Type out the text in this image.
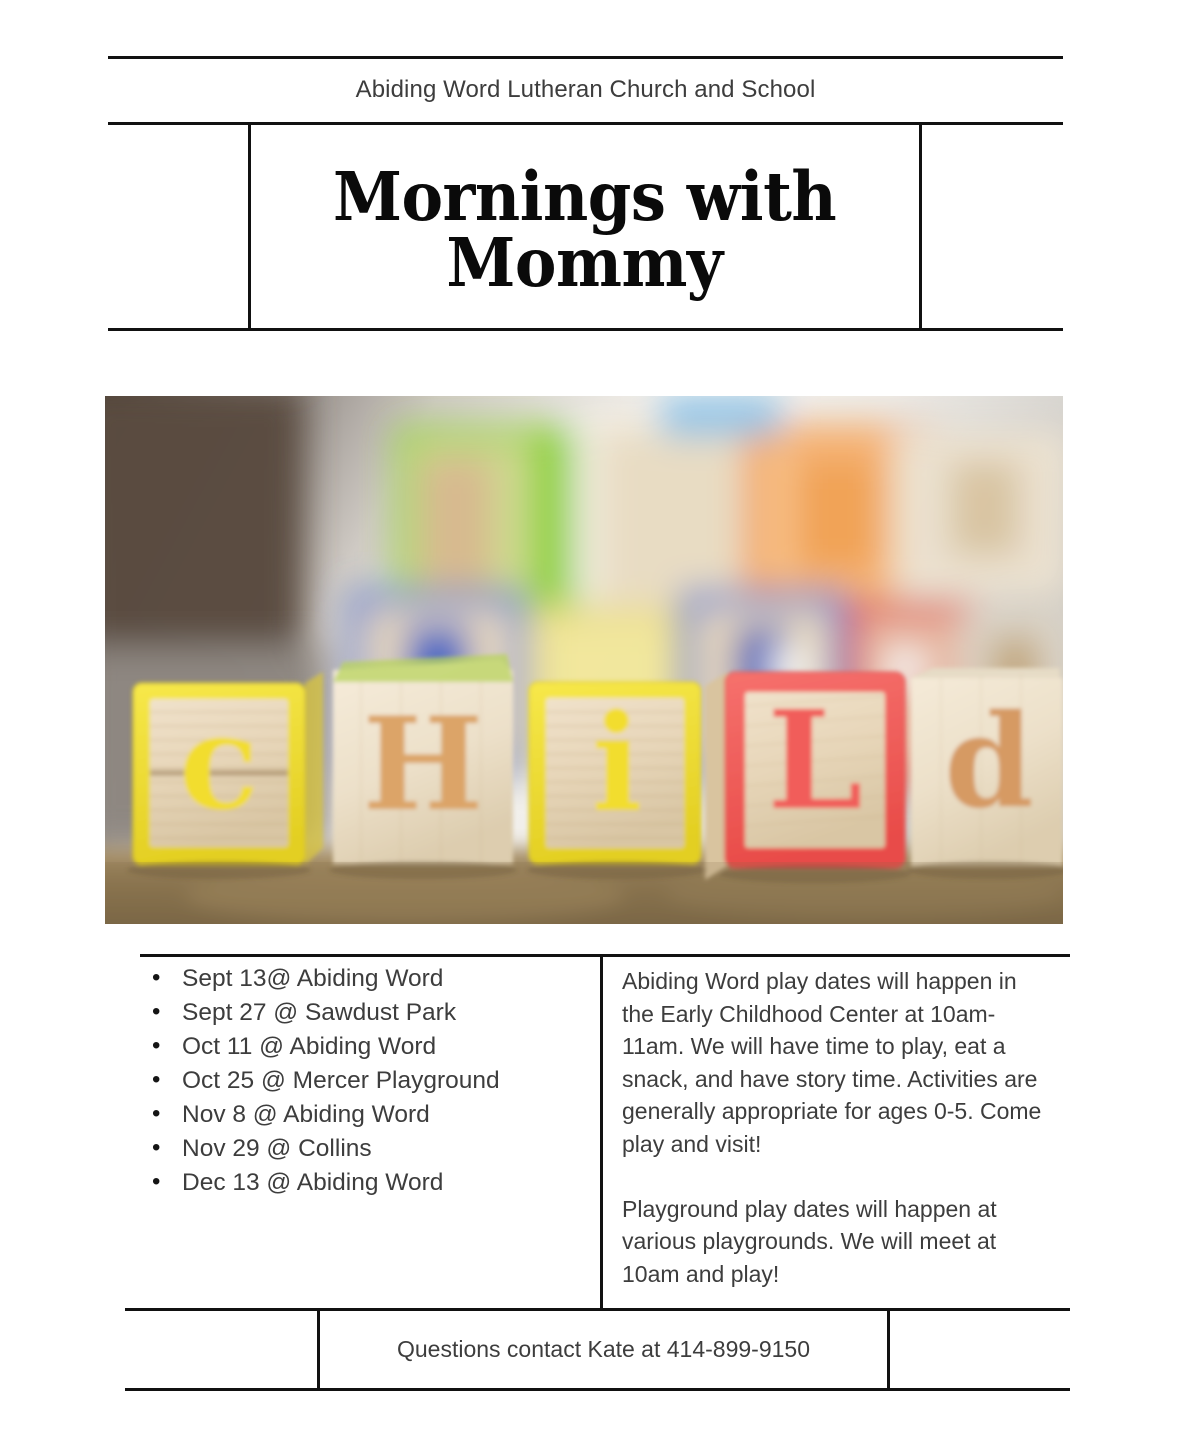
Abiding Word Lutheran Church and School
Mornings with
Mommy
c H i L d
• Sept 13@ Abiding Word
• Sept 27 @ Sawdust Park
• Oct 11 @ Abiding Word
• Oct 25 @ Mercer Playground
• Nov 8 @ Abiding Word
• Nov 29 @ Collins
• Dec 13 @ Abiding Word

Abiding Word play dates will happen in the Early Childhood Center at 10am-11am. We will have time to play, eat a snack, and have story time. Activities are generally appropriate for ages 0-5. Come play and visit!

Playground play dates will happen at various playgrounds. We will meet at 10am and play!

Questions contact Kate at 414-899-9150
